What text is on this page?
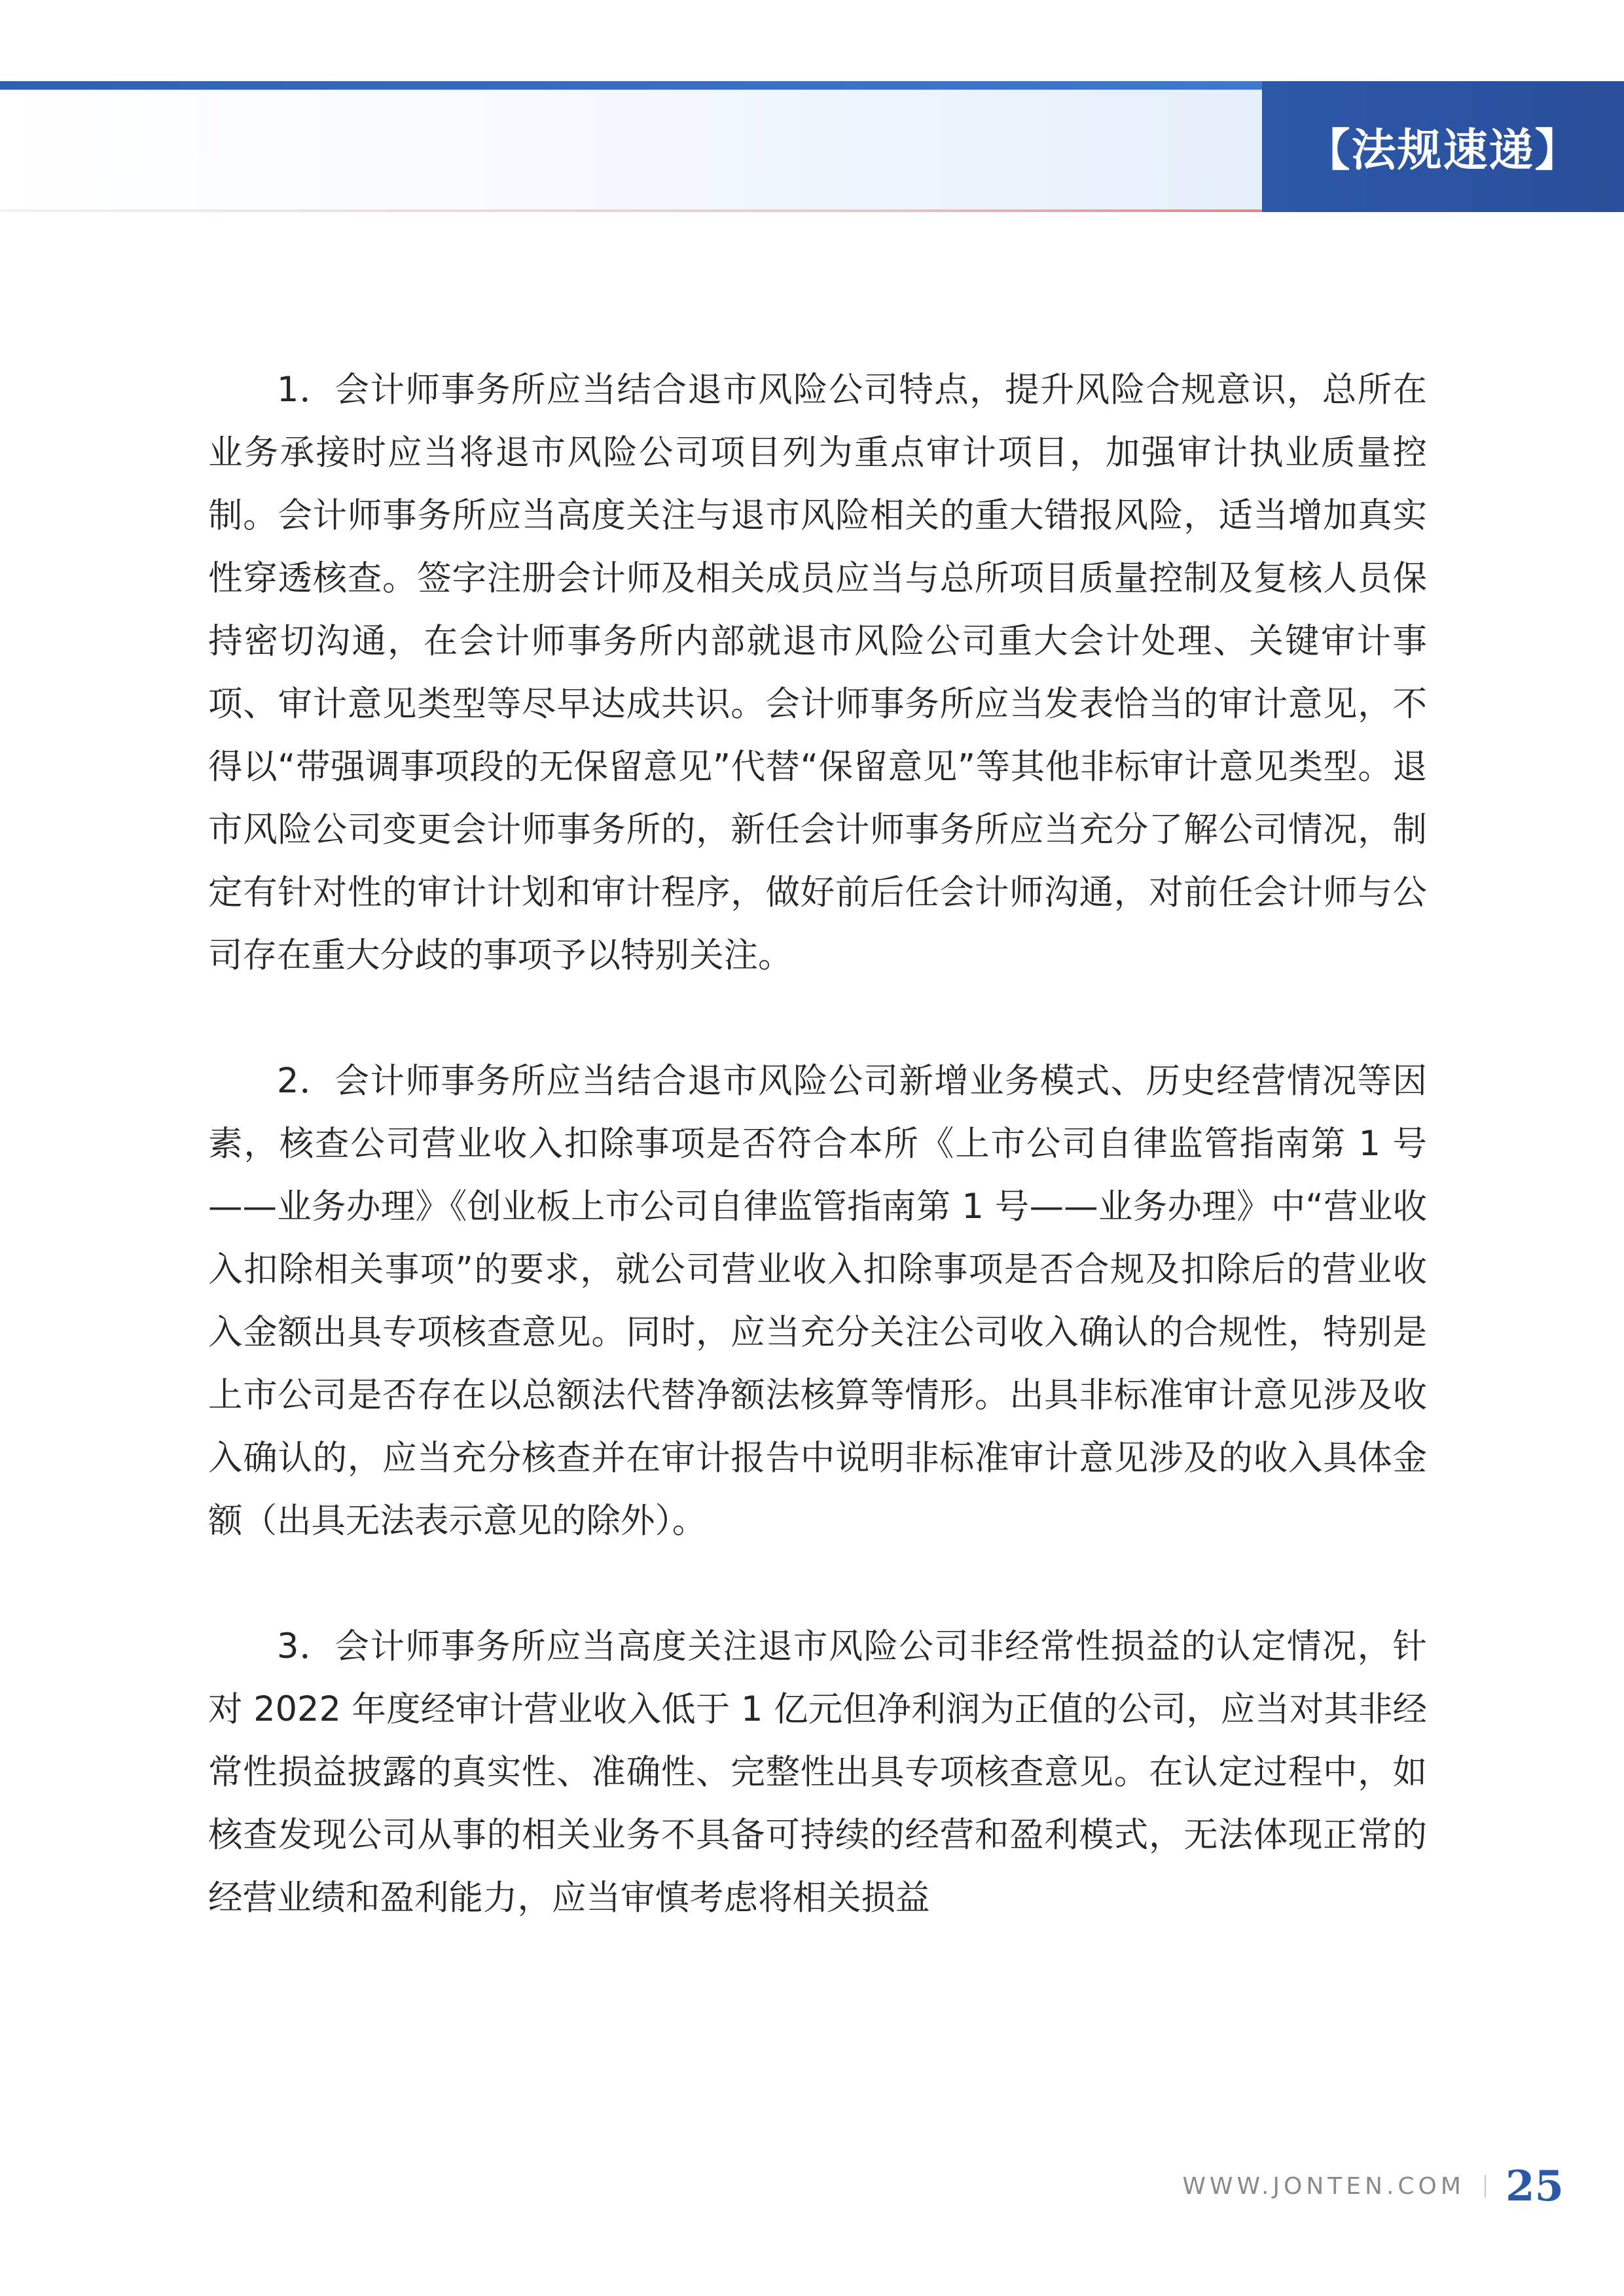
【法规速递】

1．会计师事务所应当结合退市风险公司特点，提升风险合规意识，总所在业务承接时应当将退市风险公司项目列为重点审计项目，加强审计执业质量控制。会计师事务所应当高度关注与退市风险相关的重大错报风险，适当增加真实性穿透核查。签字注册会计师及相关成员应当与总所项目质量控制及复核人员保持密切沟通，在会计师事务所内部就退市风险公司重大会计处理、关键审计事项、审计意见类型等尽早达成共识。会计师事务所应当发表恰当的审计意见，不得以“带强调事项段的无保留意见”代替“保留意见”等其他非标审计意见类型。退市风险公司变更会计师事务所的，新任会计师事务所应当充分了解公司情况，制定有针对性的审计计划和审计程序，做好前后任会计师沟通，对前任会计师与公司存在重大分歧的事项予以特别关注。

2．会计师事务所应当结合退市风险公司新增业务模式、历史经营情况等因素，核查公司营业收入扣除事项是否符合本所《上市公司自律监管指南第 1 号——业务办理》《创业板上市公司自律监管指南第 1 号——业务办理》中“营业收入扣除相关事项”的要求，就公司营业收入扣除事项是否合规及扣除后的营业收入金额出具专项核查意见。同时，应当充分关注公司收入确认的合规性，特别是上市公司是否存在以总额法代替净额法核算等情形。出具非标准审计意见涉及收入确认的，应当充分核查并在审计报告中说明非标准审计意见涉及的收入具体金额（出具无法表示意见的除外）。

3．会计师事务所应当高度关注退市风险公司非经常性损益的认定情况，针对 2022 年度经审计营业收入低于 1 亿元但净利润为正值的公司，应当对其非经常性损益披露的真实性、准确性、完整性出具专项核查意见。在认定过程中，如核查发现公司从事的相关业务不具备可持续的经营和盈利模式，无法体现正常的经营业绩和盈利能力，应当审慎考虑将相关损益

WWW.JONTEN.COM 25
